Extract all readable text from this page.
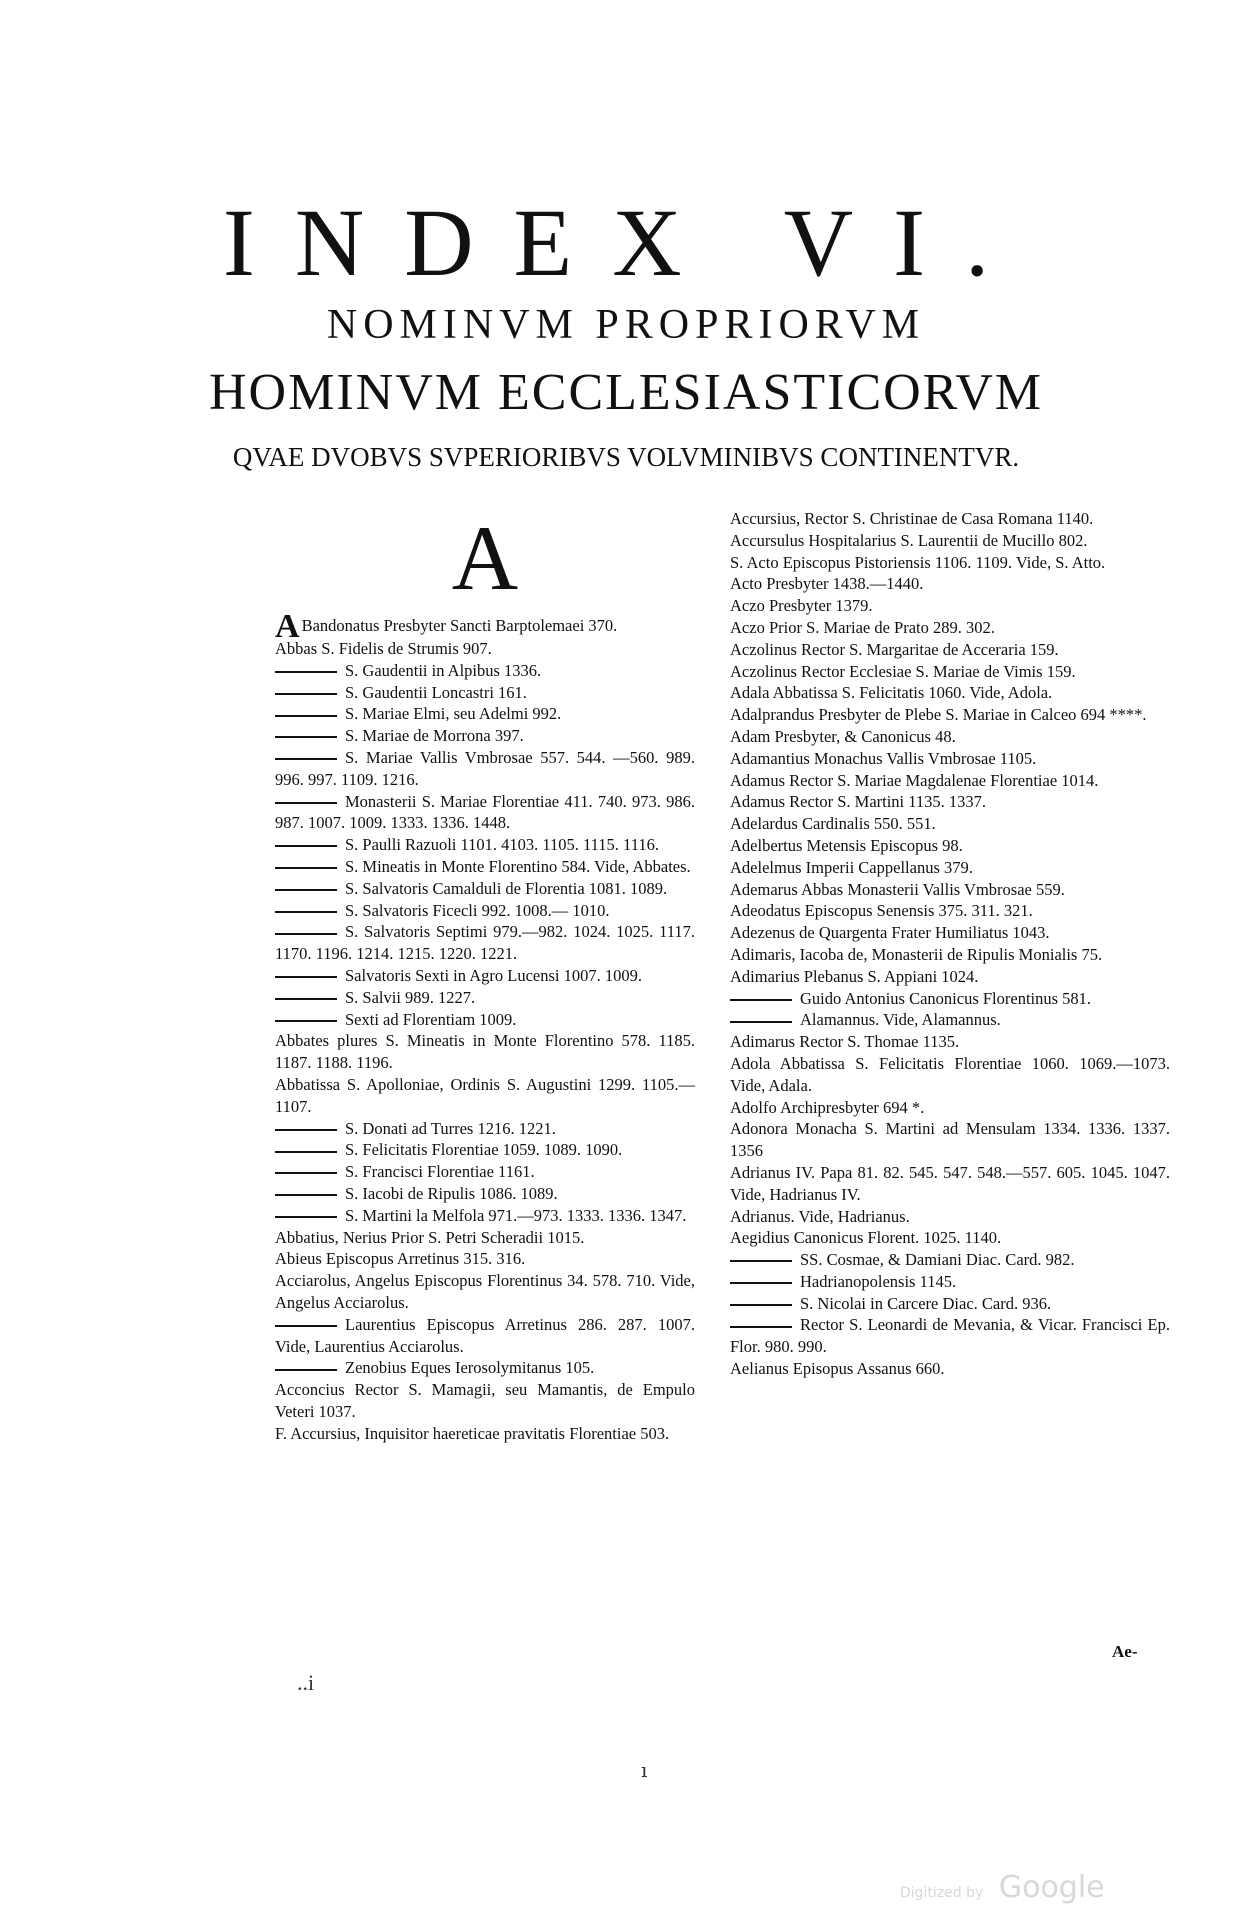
INDEX VI.
NOMINVM PROPRIORVM
HOMINVM ECCLESIASTICORVM
QVAE DVOBVS SVPERIORIBVS VOLVMINIBVS CONTINENTVR.
A

A Bandonatus Presbyter Sancti Barptolemaei 370.

Abbas S. Fidelis de Strumis 907.

S. Gaudentii in Alpibus 1336.

S. Gaudentii Loncastri 161.

S. Mariae Elmi, seu Adelmi 992.

S. Mariae de Morrona 397.

S. Mariae Vallis Vmbrosae 557. 544. —560. 989. 996. 997. 1109. 1216.

Monasterii S. Mariae Florentiae 411. 740. 973. 986. 987. 1007. 1009. 1333. 1336. 1448.

S. Paulli Razuoli 1101. 4103. 1105. 1115. 1116.

S. Mineatis in Monte Florentino 584. Vide, Abbates.

S. Salvatoris Camalduli de Florentia 1081. 1089.

S. Salvatoris Ficecli 992. 1008.— 1010.

S. Salvatoris Septimi 979.—982. 1024. 1025. 1117. 1170. 1196. 1214. 1215. 1220. 1221.

Salvatoris Sexti in Agro Lucensi 1007. 1009.

S. Salvii 989. 1227.

Sexti ad Florentiam 1009.

Abbates plures S. Mineatis in Monte Florentino 578. 1185. 1187. 1188. 1196.

Abbatissa S. Apolloniae, Ordinis S. Augustini 1299. 1105.—1107.

S. Donati ad Turres 1216. 1221.

S. Felicitatis Florentiae 1059. 1089. 1090.

S. Francisci Florentiae 1161.

S. Iacobi de Ripulis 1086. 1089.

S. Martini la Melfola 971.—973. 1333. 1336. 1347.

Abbatius, Nerius Prior S. Petri Scheradii 1015.

Abieus Episcopus Arretinus 315. 316.

Acciarolus, Angelus Episcopus Florentinus 34. 578. 710. Vide, Angelus Acciarolus.

Laurentius Episcopus Arretinus 286. 287. 1007. Vide, Laurentius Acciarolus.

Zenobius Eques Ierosolymitanus 105.

Acconcius Rector S. Mamagii, seu Mamantis, de Empulo Veteri 1037.

F. Accursius, Inquisitor haereticae pravitatis Florentiae 503.

Accursius, Rector S. Christinae de Casa Romana 1140.

Accursulus Hospitalarius S. Laurentii de Mucillo 802.

S. Acto Episcopus Pistoriensis 1106. 1109. Vide, S. Atto.

Acto Presbyter 1438.—1440.

Aczo Presbyter 1379.

Aczo Prior S. Mariae de Prato 289. 302.

Aczolinus Rector S. Margaritae de Acceraria 159.

Aczolinus Rector Ecclesiae S. Mariae de Vimis 159.

Adala Abbatissa S. Felicitatis 1060. Vide, Adola.

Adalprandus Presbyter de Plebe S. Mariae in Calceo 694 ****.

Adam Presbyter, & Canonicus 48.

Adamantius Monachus Vallis Vmbrosae 1105.

Adamus Rector S. Mariae Magdalenae Florentiae 1014.

Adamus Rector S. Martini 1135. 1337.

Adelardus Cardinalis 550. 551.

Adelbertus Metensis Episcopus 98.

Adelelmus Imperii Cappellanus 379.

Ademarus Abbas Monasterii Vallis Vmbrosae 559.

Adeodatus Episcopus Senensis 375. 311. 321.

Adezenus de Quargenta Frater Humiliatus 1043.

Adimaris, Iacoba de, Monasterii de Ripulis Monialis 75.

Adimarius Plebanus S. Appiani 1024.

Guido Antonius Canonicus Florentinus 581.

Alamannus. Vide, Alamannus.

Adimarus Rector S. Thomae 1135.

Adola Abbatissa S. Felicitatis Florentiae 1060. 1069.—1073. Vide, Adala.

Adolfo Archipresbyter 694 *.

Adonora Monacha S. Martini ad Mensulam 1334. 1336. 1337. 1356

Adrianus IV. Papa 81. 82. 545. 547. 548.—557. 605. 1045. 1047. Vide, Hadrianus IV.

Adrianus. Vide, Hadrianus.

Aegidius Canonicus Florent. 1025. 1140.

SS. Cosmae, & Damiani Diac. Card. 982.

Hadrianopolensis 1145.

S. Nicolai in Carcere Diac. Card. 936.

Rector S. Leonardi de Mevania, & Vicar. Francisci Ep. Flor. 980. 990.

Aelianus Episopus Assanus 660.

Ae-
..i
ı
Digitized by Google
